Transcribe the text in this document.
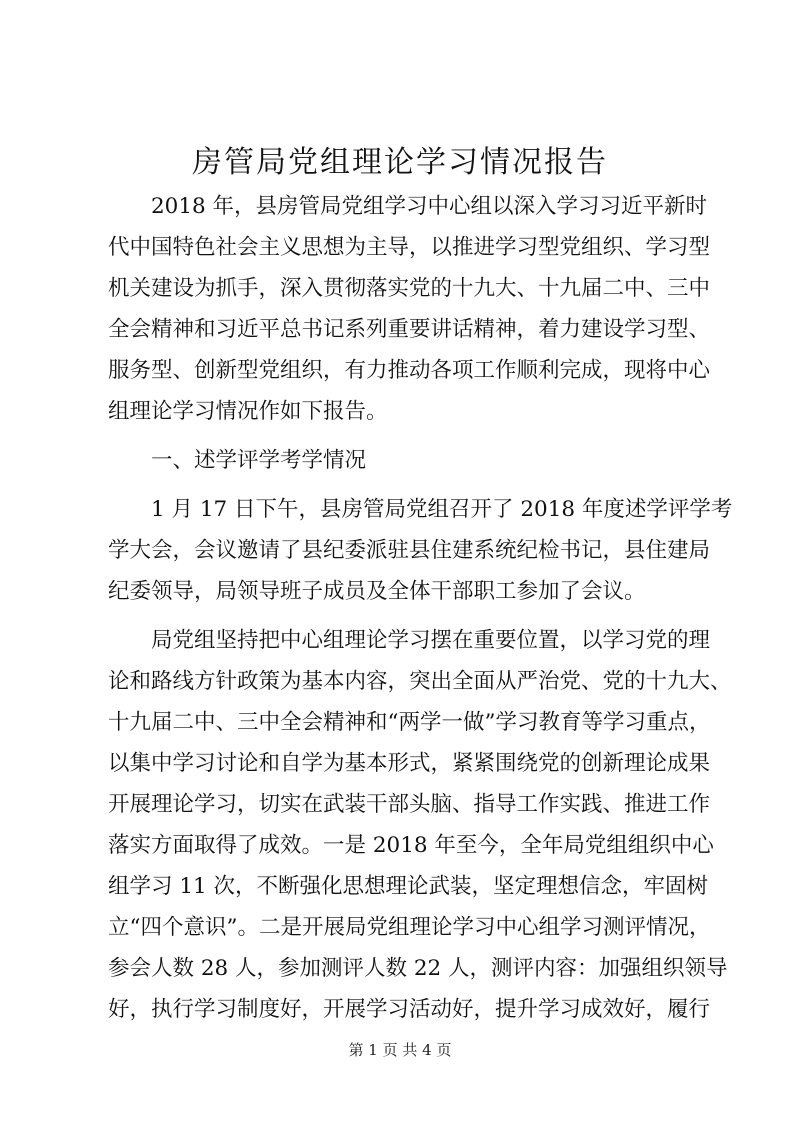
房管局党组理论学习情况报告
2018 年，县房管局党组学习中心组以深入学习习近平新时
代中国特色社会主义思想为主导，以推进学习型党组织、学习型
机关建设为抓手，深入贯彻落实党的十九大、十九届二中、三中
全会精神和习近平总书记系列重要讲话精神，着力建设学习型、
服务型、创新型党组织，有力推动各项工作顺利完成，现将中心
组理论学习情况作如下报告。
一、述学评学考学情况
1 月 17 日下午，县房管局党组召开了 2018 年度述学评学考
学大会，会议邀请了县纪委派驻县住建系统纪检书记，县住建局
纪委领导，局领导班子成员及全体干部职工参加了会议。
局党组坚持把中心组理论学习摆在重要位置，以学习党的理
论和路线方针政策为基本内容，突出全面从严治党、党的十九大、
十九届二中、三中全会精神和“两学一做”学习教育等学习重点，
以集中学习讨论和自学为基本形式，紧紧围绕党的创新理论成果
开展理论学习，切实在武装干部头脑、指导工作实践、推进工作
落实方面取得了成效。一是 2018 年至今，全年局党组组织中心
组学习 11 次，不断强化思想理论武装，坚定理想信念，牢固树
立“四个意识”。二是开展局党组理论学习中心组学习测评情况，
参会人数 28 人，参加测评人数 22 人，测评内容：加强组织领导
好，执行学习制度好，开展学习活动好，提升学习成效好，履行
第 1 页 共 4 页
